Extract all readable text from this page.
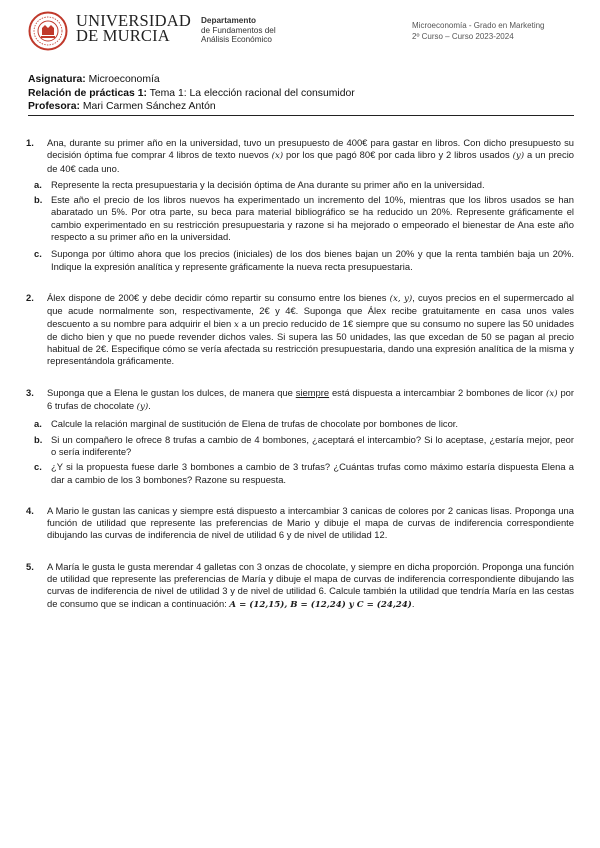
UNIVERSIDAD
DE MURCIA
Departamento
de Fundamentos del
Análisis Económico
Microeconomía - Grado en Marketing
2º Curso – Curso 2023-2024
Asignatura: Microeconomía
Relación de prácticas 1: Tema 1: La elección racional del consumidor
Profesora: Mari Carmen Sánchez Antón
1. Ana, durante su primer año en la universidad, tuvo un presupuesto de 400€ para gastar en libros. Con dicho presupuesto su decisión óptima fue comprar 4 libros de texto nuevos (x) por los que pagó 80€ por cada libro y 2 libros usados (y) a un precio de 40€ cada uno.
a. Represente la recta presupuestaria y la decisión óptima de Ana durante su primer año en la universidad.
b. Este año el precio de los libros nuevos ha experimentado un incremento del 10%, mientras que los libros usados se han abaratado un 5%. Por otra parte, su beca para material bibliográfico se ha reducido un 20%. Represente gráficamente el cambio experimentado en su restricción presupuestaria y razone si ha mejorado o empeorado el bienestar de Ana este año respecto a su primer año en la universidad.
c. Suponga por último ahora que los precios (iniciales) de los dos bienes bajan un 20% y que la renta también baja un 20%. Indique la expresión analítica y represente gráficamente la nueva recta presupuestaria.
2. Álex dispone de 200€ y debe decidir cómo repartir su consumo entre los bienes (x, y), cuyos precios en el supermercado al que acude normalmente son, respectivamente, 2€ y 4€. Suponga que Álex recibe gratuitamente en casa unos vales descuento a su nombre para adquirir el bien x a un precio reducido de 1€ siempre que su consumo no supere las 50 unidades de dicho bien y que no puede revender dichos vales. Si supera las 50 unidades, las que excedan de 50 se pagan al precio habitual de 2€. Especifique cómo se vería afectada su restricción presupuestaria, dando una expresión analítica de la misma y representándola gráficamente.
3. Suponga que a Elena le gustan los dulces, de manera que siempre está dispuesta a intercambiar 2 bombones de licor (x) por 6 trufas de chocolate (y).
a. Calcule la relación marginal de sustitución de Elena de trufas de chocolate por bombones de licor.
b. Si un compañero le ofrece 8 trufas a cambio de 4 bombones, ¿aceptará el intercambio? Si lo aceptase, ¿estaría mejor, peor o sería indiferente?
c. ¿Y si la propuesta fuese darle 3 bombones a cambio de 3 trufas? ¿Cuántas trufas como máximo estaría dispuesta Elena a dar a cambio de los 3 bombones? Razone su respuesta.
4. A Mario le gustan las canicas y siempre está dispuesto a intercambiar 3 canicas de colores por 2 canicas lisas. Proponga una función de utilidad que represente las preferencias de Mario y dibuje el mapa de curvas de indiferencia correspondiente dibujando las curvas de indiferencia de nivel de utilidad 6 y de nivel de utilidad 12.
5. A María le gusta le gusta merendar 4 galletas con 3 onzas de chocolate, y siempre en dicha proporción. Proponga una función de utilidad que represente las preferencias de María y dibuje el mapa de curvas de indiferencia correspondiente dibujando las curvas de indiferencia de nivel de utilidad 3 y de nivel de utilidad 6. Calcule también la utilidad que tendría María en las cestas de consumo que se indican a continuación: A = (12,15), B = (12,24) y C = (24,24).
